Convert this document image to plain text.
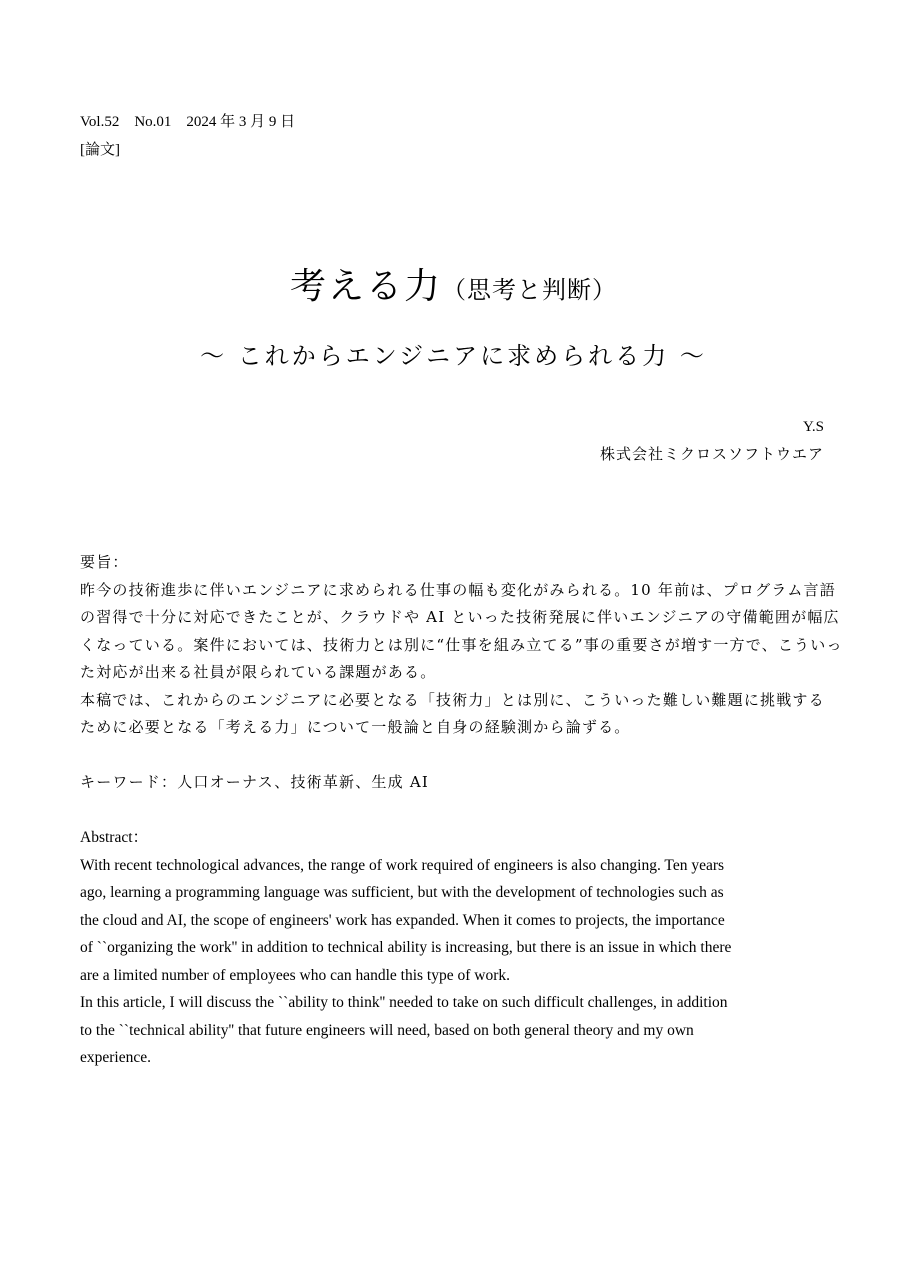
Vol.52　No.01　2024 年 3 月 9 日
[論文]
考える力（思考と判断）
～ これからエンジニアに求められる力 ～
Y.S
株式会社ミクロスソフトウエア
要旨：
昨今の技術進歩に伴いエンジニアに求められる仕事の幅も変化がみられる。10 年前は、プログラム言語
の習得で十分に対応できたことが、クラウドや AI といった技術発展に伴いエンジニアの守備範囲が幅広
くなっている。案件においては、技術力とは別に“仕事を組み立てる”事の重要さが増す一方で、こういっ
た対応が出来る社員が限られている課題がある。
本稿では、これからのエンジニアに必要となる「技術力」とは別に、こういった難しい難題に挑戦する
ために必要となる「考える力」について一般論と自身の経験測から論ずる。
キーワード：人口オーナス、技術革新、生成 AI
Abstract：
With recent technological advances, the range of work required of engineers is also changing. Ten years
ago, learning a programming language was sufficient, but with the development of technologies such as
the cloud and AI, the scope of engineers' work has expanded. When it comes to projects, the importance
of ``organizing the work'' in addition to technical ability is increasing, but there is an issue in which there
are a limited number of employees who can handle this type of work.
In this article, I will discuss the ``ability to think'' needed to take on such difficult challenges, in addition
to the ``technical ability'' that future engineers will need, based on both general theory and my own
experience.
